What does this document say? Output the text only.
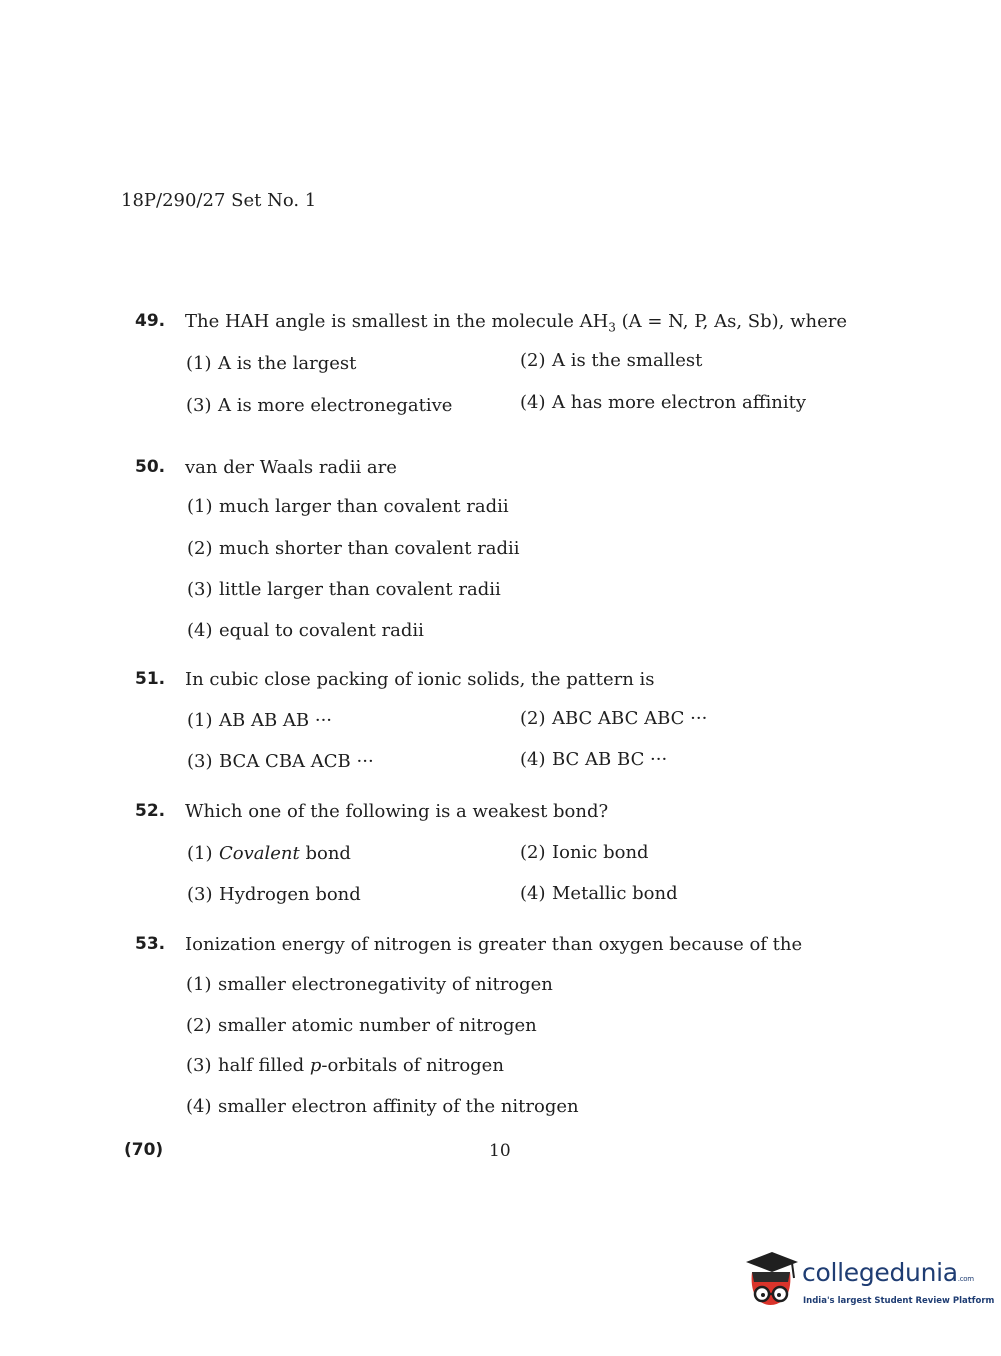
18P/290/27 Set No. 1
49. The HAH angle is smallest in the molecule $AH_3$ (A = N, P, As, Sb), where
(1) A is the largest	(2) A is the smallest
(3) A is more electronegative	(4) A has more electron affinity
50. van der Waals radii are
(1) much larger than covalent radii
(2) much shorter than covalent radii
(3) little larger than covalent radii
(4) equal to covalent radii
51. In cubic close packing of ionic solids, the pattern is
(1) AB AB AB ···	(2) ABC ABC ABC ···
(3) BCA CBA ACB ···	(4) BC AB BC ···
52. Which one of the following is a weakest bond?
(1) Covalent bond	(2) Ionic bond
(3) Hydrogen bond	(4) Metallic bond
53. Ionization energy of nitrogen is greater than oxygen because of the
(1) smaller electronegativity of nitrogen
(2) smaller atomic number of nitrogen
(3) half filled p-orbitals of nitrogen
(4) smaller electron affinity of the nitrogen
(70)	10
collegedunia.com
India's largest Student Review Platform
